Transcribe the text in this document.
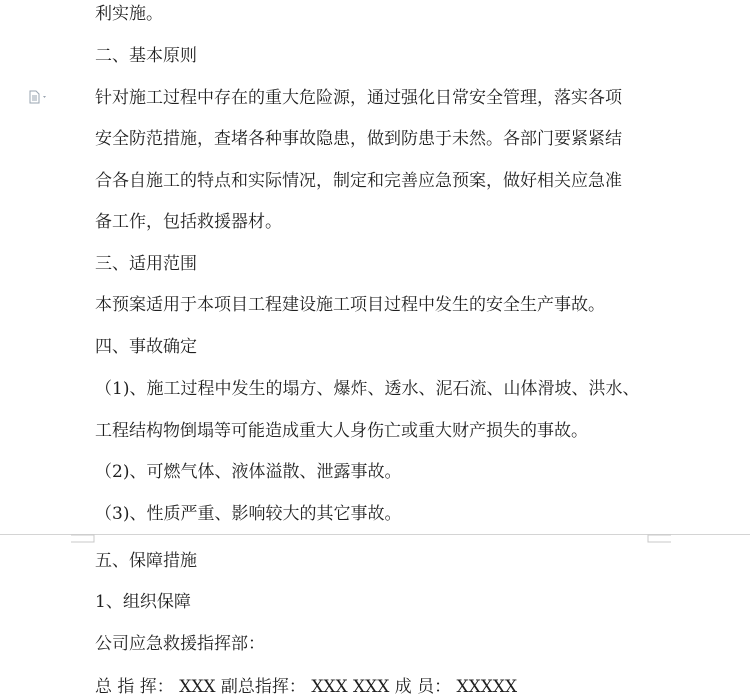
利实施。
二、基本原则
针对施工过程中存在的重大危险源，通过强化日常安全管理，落实各项
安全防范措施，查堵各种事故隐患，做到防患于未然。各部门要紧紧结
合各自施工的特点和实际情况，制定和完善应急预案，做好相关应急准
备工作，包括救援器材。
三、适用范围
本预案适用于本项目工程建设施工项目过程中发生的安全生产事故。
四、事故确定
（1)、施工过程中发生的塌方、爆炸、透水、泥石流、山体滑坡、洪水、
工程结构物倒塌等可能造成重大人身伤亡或重大财产损失的事故。
（2)、可燃气体、液体溢散、泄露事故。
（3)、性质严重、影响较大的其它事故。
五、保障措施
1、组织保障
公司应急救援指挥部：
总 指 挥： XXX 副总指挥： XXX XXX 成 员： XXXXX
